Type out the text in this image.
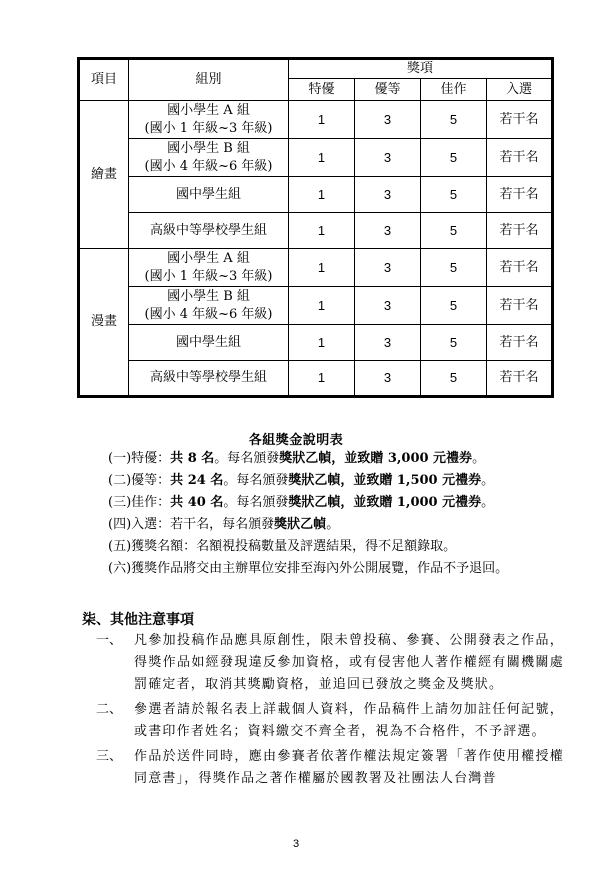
項目	組別	獎項			
		特優	優等	佳作	入選
繪畫	國小學生 A 組
(國小 1 年級~3 年級)	1	3	5	若干名
	國小學生 B 組
(國小 4 年級~6 年級)	1	3	5	若干名
	國中學生組	1	3	5	若干名
	高級中等學校學生組	1	3	5	若干名
漫畫	國小學生 A 組
(國小 1 年級~3 年級)	1	3	5	若干名
	國小學生 B 組
(國小 4 年級~6 年級)	1	3	5	若干名
	國中學生組	1	3	5	若干名
	高級中等學校學生組	1	3	5	若干名
各組獎金說明表
(一) 特優：共 8 名。每名頒發獎狀乙幀，並致贈 3,000 元禮券。
(二) 優等：共 24 名。每名頒發獎狀乙幀，並致贈 1,500 元禮券。
(三) 佳作：共 40 名。每名頒發獎狀乙幀，並致贈 1,000 元禮券。
(四) 入選：若干名，每名頒發獎狀乙幀。
(五) 獲獎名額：名額視投稿數量及評選結果，得不足額錄取。
(六) 獲獎作品將交由主辦單位安排至海內外公開展覽，作品不予退回。
柒、其他注意事項
一、 凡參加投稿作品應具原創性，限未曾投稿、參賽、公開發表之作品，得獎作品如經發現違反參加資格，或有侵害他人著作權經有關機關處罰確定者，取消其獎勵資格，並追回已發放之獎金及獎狀。
二、 參選者請於報名表上詳載個人資料，作品稿件上請勿加註任何記號，或書印作者姓名；資料繳交不齊全者，視為不合格件，不予評選。
三、 作品於送件同時，應由參賽者依著作權法規定簽署「著作使用權授權同意書」，得獎作品之著作權屬於國教署及社團法人台灣普
3
